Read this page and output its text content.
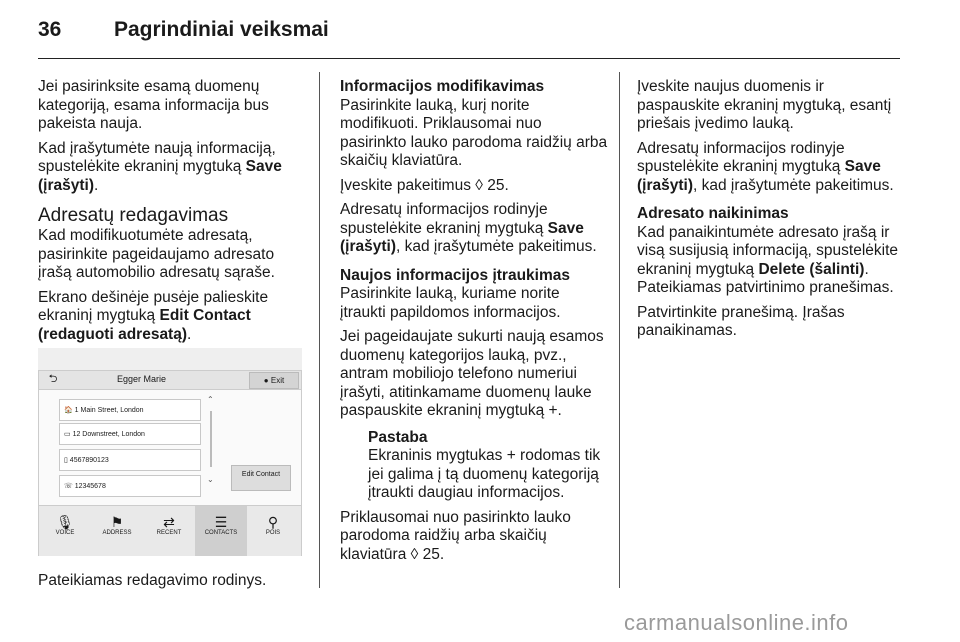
36	Pagrindiniai veiksmai

Jei pasirinksite esamą duomenų kategoriją, esama informacija bus pakeista nauja.

Kad įrašytumėte naują informaciją, spustelėkite ekraninį mygtuką Save (įrašyti).

Adresatų redagavimas

Kad modifikuotumėte adresatą, pasirinkite pageidaujamo adresato įrašą automobilio adresatų sąraše.

Ekrano dešinėje pusėje palieskite ekraninį mygtuką Edit Contact (redaguoti adresatą).

⮌	Egger Marie	● Exit
🏠 1 Main Street, London
▭ 12 Downstreet, London
▯ 4567890123
☏ 12345678
⌃
⌄
Edit Contact
🎙
VOICE
⚑
ADDRESS
⇄
RECENT
☰
CONTACTS
⚲
POIS
Pateikiamas redagavimo rodinys.

Informacijos modifikavimas

Pasirinkite lauką, kurį norite modifikuoti. Priklausomai nuo pasirinkto lauko parodoma raidžių arba skaičių klaviatūra.

Įveskite pakeitimus ◊ 25.

Adresatų informacijos rodinyje spustelėkite ekraninį mygtuką Save (įrašyti), kad įrašytumėte pakeitimus.

Naujos informacijos įtraukimas

Pasirinkite lauką, kuriame norite įtraukti papildomos informacijos.

Jei pageidaujate sukurti naują esamos duomenų kategorijos lauką, pvz., antram mobiliojo telefono numeriui įrašyti, atitinkamame duomenų lauke paspauskite ekraninį mygtuką +.

Pastaba
Ekraninis mygtukas + rodomas tik jei galima į tą duomenų kategoriją įtraukti daugiau informacijos.

Priklausomai nuo pasirinkto lauko parodoma raidžių arba skaičių klaviatūra ◊ 25.

Įveskite naujus duomenis ir paspauskite ekraninį mygtuką, esantį priešais įvedimo lauką.

Adresatų informacijos rodinyje spustelėkite ekraninį mygtuką Save (įrašyti), kad įrašytumėte pakeitimus.

Adresato naikinimas

Kad panaikintumėte adresato įrašą ir visą susijusią informaciją, spustelėkite ekraninį mygtuką Delete (šalinti). Pateikiamas patvirtinimo pranešimas.

Patvirtinkite pranešimą. Įrašas panaikinamas.

carmanualsonline.info
